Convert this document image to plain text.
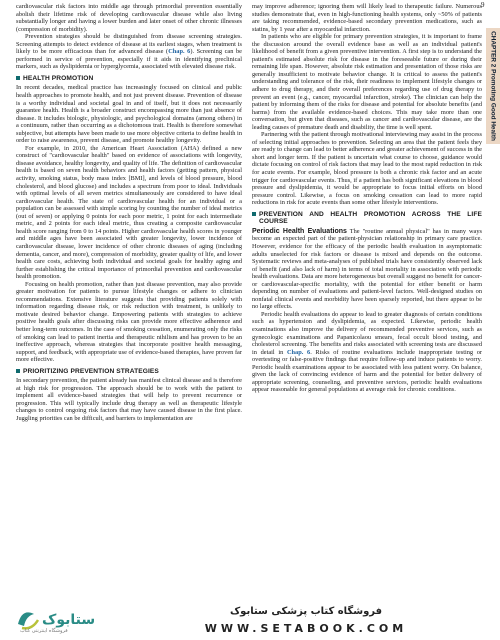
9
CHAPTER 2 Promoting Good Health

cardiovascular risk factors into middle age through primordial prevention essentially abolish their lifetime risk of developing cardiovascular disease while also living substantially longer and having a lower burden and later onset of other chronic illnesses (compression of morbidity).

Prevention strategies should be distinguished from disease screening strategies. Screening attempts to detect evidence of disease at its earliest stages, when treatment is likely to be more efficacious than for advanced disease (Chap. 6). Screening can be performed in service of prevention, especially if it aids in identifying preclinical markers, such as dyslipidemia or hyperglycemia, associated with elevated disease risk.

HEALTH PROMOTION

In recent decades, medical practice has increasingly focused on clinical and public health approaches to promote health, and not just prevent disease. Prevention of disease is a worthy individual and societal goal in and of itself, but it does not necessarily guarantee health. Health is a broader construct encompassing more than just absence of disease. It includes biologic, physiologic, and psychological domains (among others) in a continuum, rather than occurring as a dichotomous trait. Health is therefore somewhat subjective, but attempts have been made to use more objective criteria to define health in order to raise awareness, prevent disease, and promote healthy longevity.

For example, in 2010, the American Heart Association (AHA) defined a new construct of "cardiovascular health" based on evidence of associations with longevity, disease avoidance, healthy longevity, and quality of life. The definition of cardiovascular health is based on seven health behaviors and health factors (getting pattern, physical activity, smoking status, body mass index [BMI], and levels of blood pressure, blood cholesterol, and blood glucose) and includes a spectrum from poor to ideal. Individuals with optimal levels of all seven metrics simultaneously are considered to have ideal cardiovascular health. The state of cardiovascular health for an individual or a population can be assessed with simple scoring by counting the number of ideal metrics (out of seven) or applying 0 points for each poor metric, 1 point for each intermediate metric, and 2 points for each ideal metric, thus creating a composite cardiovascular health score ranging from 0 to 14 points. Higher cardiovascular health scores in younger and middle ages have been associated with greater longevity, lower incidence of cardiovascular disease, lower incidence of other chronic diseases of aging (including dementia, cancer, and more), compression of morbidity, greater quality of life, and lower health care costs, achieving both individual and societal goals for healthy aging and further establishing the critical importance of primordial prevention and cardiovascular health promotion.

Focusing on health promotion, rather than just disease prevention, may also provide greater motivation for patients to pursue lifestyle changes or adhere to clinician recommendations. Extensive literature suggests that providing patients solely with information regarding disease risk, or risk reduction with treatment, is unlikely to motivate desired behavior change. Empowering patients with strategies to achieve positive health goals after discussing risks can provide more effective adherence and better long-term outcomes. In the case of smoking cessation, enumerating only the risks of smoking can lead to patient inertia and therapeutic nihilism and has proven to be an ineffective approach, whereas strategies that incorporate positive health messaging, support, and feedback, with appropriate use of evidence-based therapies, have proven far more effective.

PRIORITIZING PREVENTION STRATEGIES

In secondary prevention, the patient already has manifest clinical disease and is therefore at high risk for progression. The approach should be to work with the patient to implement all evidence-based strategies that will help to prevent recurrence or progression. This will typically include drug therapy as well as therapeutic lifestyle changes to control ongoing risk factors that may have caused disease in the first place. Juggling priorities can be difficult, and barriers to implementation are

may improve adherence; ignoring them will likely lead to therapeutic failure. Numerous studies demonstrate that, even in high-functioning health systems, only ~50% of patients are taking recommended, evidence-based secondary prevention medications, such as statins, by 1 year after a myocardial infarction.

In patients who are eligible for primary prevention strategies, it is important to frame the discussion around the overall evidence base as well as an individual patient's likelihood of benefit from a given preventive intervention. A first step is to understand the patient's estimated absolute risk for disease in the foreseeable future or during their remaining life span. However, absolute risk estimation and presentation of those risks are generally insufficient to motivate behavior change. It is critical to assess the patient's understanding and tolerance of the risk, their readiness to implement lifestyle changes or adhere to drug therapy, and their overall preferences regarding use of drug therapy to prevent an event (e.g., cancer, myocardial infarction, stroke). The clinician can help the patient by informing them of the risks for disease and potential for absolute benefits (and harms) from the available evidence-based choices. This may take more than one conversation, but given that diseases, such as cancer and cardiovascular disease, are the leading causes of premature death and disability, the time is well spent.

Partnering with the patient through motivational interviewing may assist in the process of selecting initial approaches to prevention. Selecting an area that the patient feels they are ready to change can lead to better adherence and greater achievement of success in the short and longer term. If the patient is uncertain what course to choose, guidance would dictate focusing on control of risk factors that may lead to the most rapid reduction in risk for acute events. For example, blood pressure is both a chronic risk factor and an acute trigger for cardiovascular events. Thus, if a patient has both significant elevations in blood pressure and dyslipidemia, it would be appropriate to focus initial efforts on blood pressure control. Likewise, a focus on smoking cessation can lead to more rapid reductions in risk for acute events than some other lifestyle interventions.

PREVENTION AND HEALTH PROMOTION ACROSS THE LIFE COURSE

Periodic Health Evaluations The "routine annual physical" has in many ways become an expected part of the patient-physician relationship in primary care practice. However, evidence for the efficacy of the periodic health evaluation in asymptomatic adults unselected for risk factors or disease is mixed and depends on the outcome. Systematic reviews and meta-analyses of published trials have consistently observed lack of benefit (and also lack of harm) in terms of total mortality in association with periodic health evaluations. Data are more heterogeneous but overall suggest no benefit for cancer- or cardiovascular-specific mortality, with the potential for either benefit or harm depending on number of evaluations and patient-level factors. Well-designed studies on nonfatal clinical events and morbidity have been sparsely reported, but there appear to be no large effects.

Periodic health evaluations do appear to lead to greater diagnosis of certain conditions such as hypertension and dyslipidemia, as expected. Likewise, periodic health examinations also improve the delivery of recommended preventive services, such as gynecologic examinations and Papanicolaou smears, fecal occult blood testing, and cholesterol screening. The benefits and risks associated with screening tests are discussed in detail in Chap. 6. Risks of routine evaluations include inappropriate testing or overtesting or false-positive findings that require follow-up and induce patients to worry. Periodic health examinations appear to be associated with less patient worry. On balance, given the lack of convincing evidence of harm and the potential for better delivery of appropriate screening, counseling, and preventive services, periodic health evaluations appear reasonable for general populations at average risk for chronic conditions.

ستابوک
فروشگاه اینترنتی کتاب
فروشگاه کتاب پزشکی ستابوک
WWW.SETABOOK.COM
